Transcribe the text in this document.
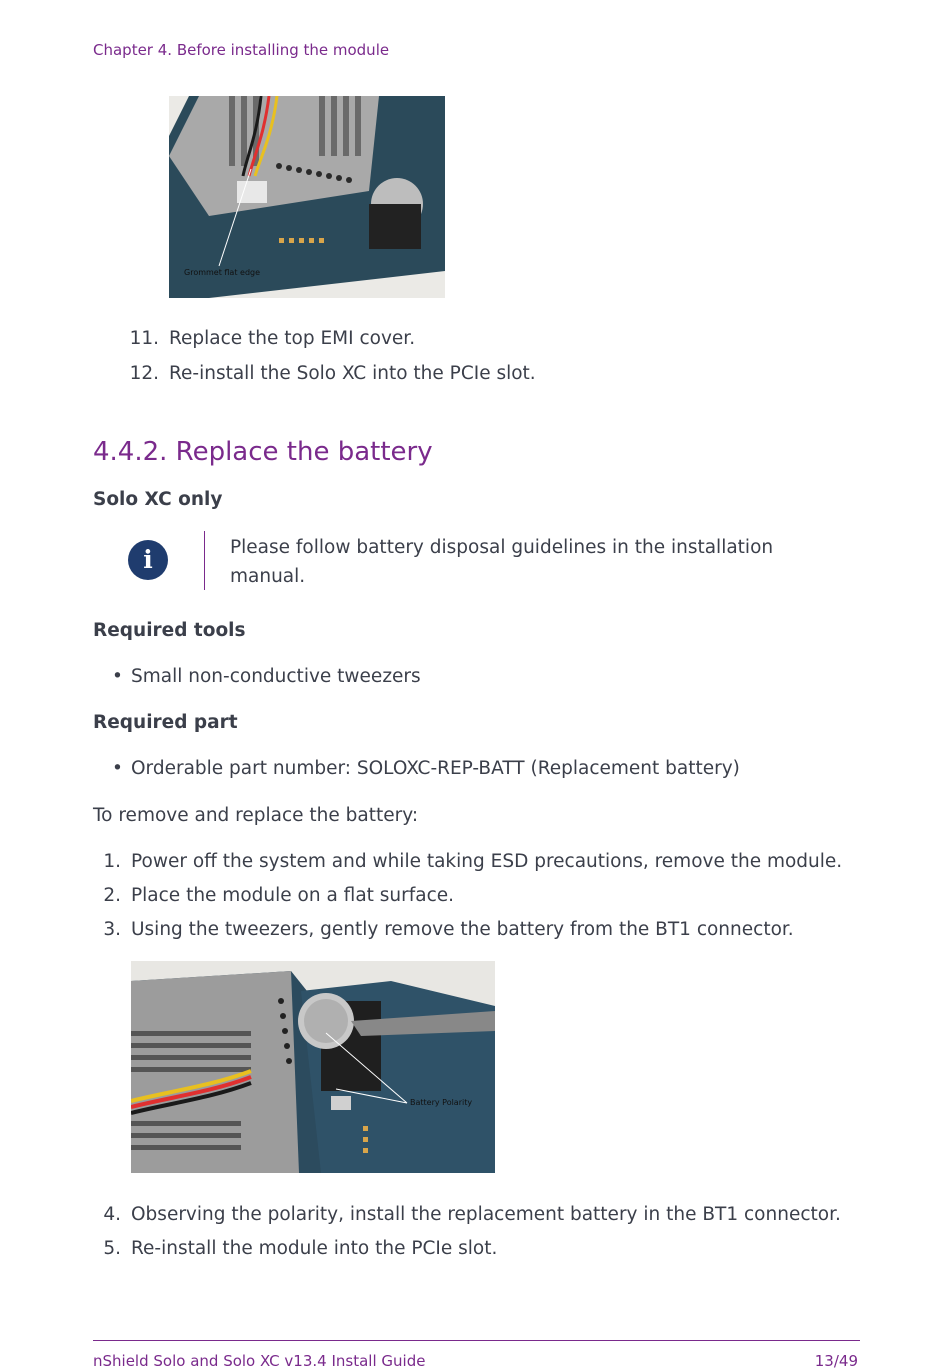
Chapter 4. Before installing the module
Grommet flat edge
11. Replace the top EMI cover.
12. Re-install the Solo XC into the PCIe slot.
4.4.2. Replace the battery
Solo XC only
i	Please follow battery disposal guidelines in the installation manual.
Required tools
• Small non-conductive tweezers
Required part
• Orderable part number: SOLOXC-REP-BATT (Replacement battery)
To remove and replace the battery:
1. Power off the system and while taking ESD precautions, remove the module.
2. Place the module on a flat surface.
3. Using the tweezers, gently remove the battery from the BT1 connector.
Battery Polarity
4. Observing the polarity, install the replacement battery in the BT1 connector.
5. Re-install the module into the PCIe slot.
nShield Solo and Solo XC v13.4 Install Guide	13/49
